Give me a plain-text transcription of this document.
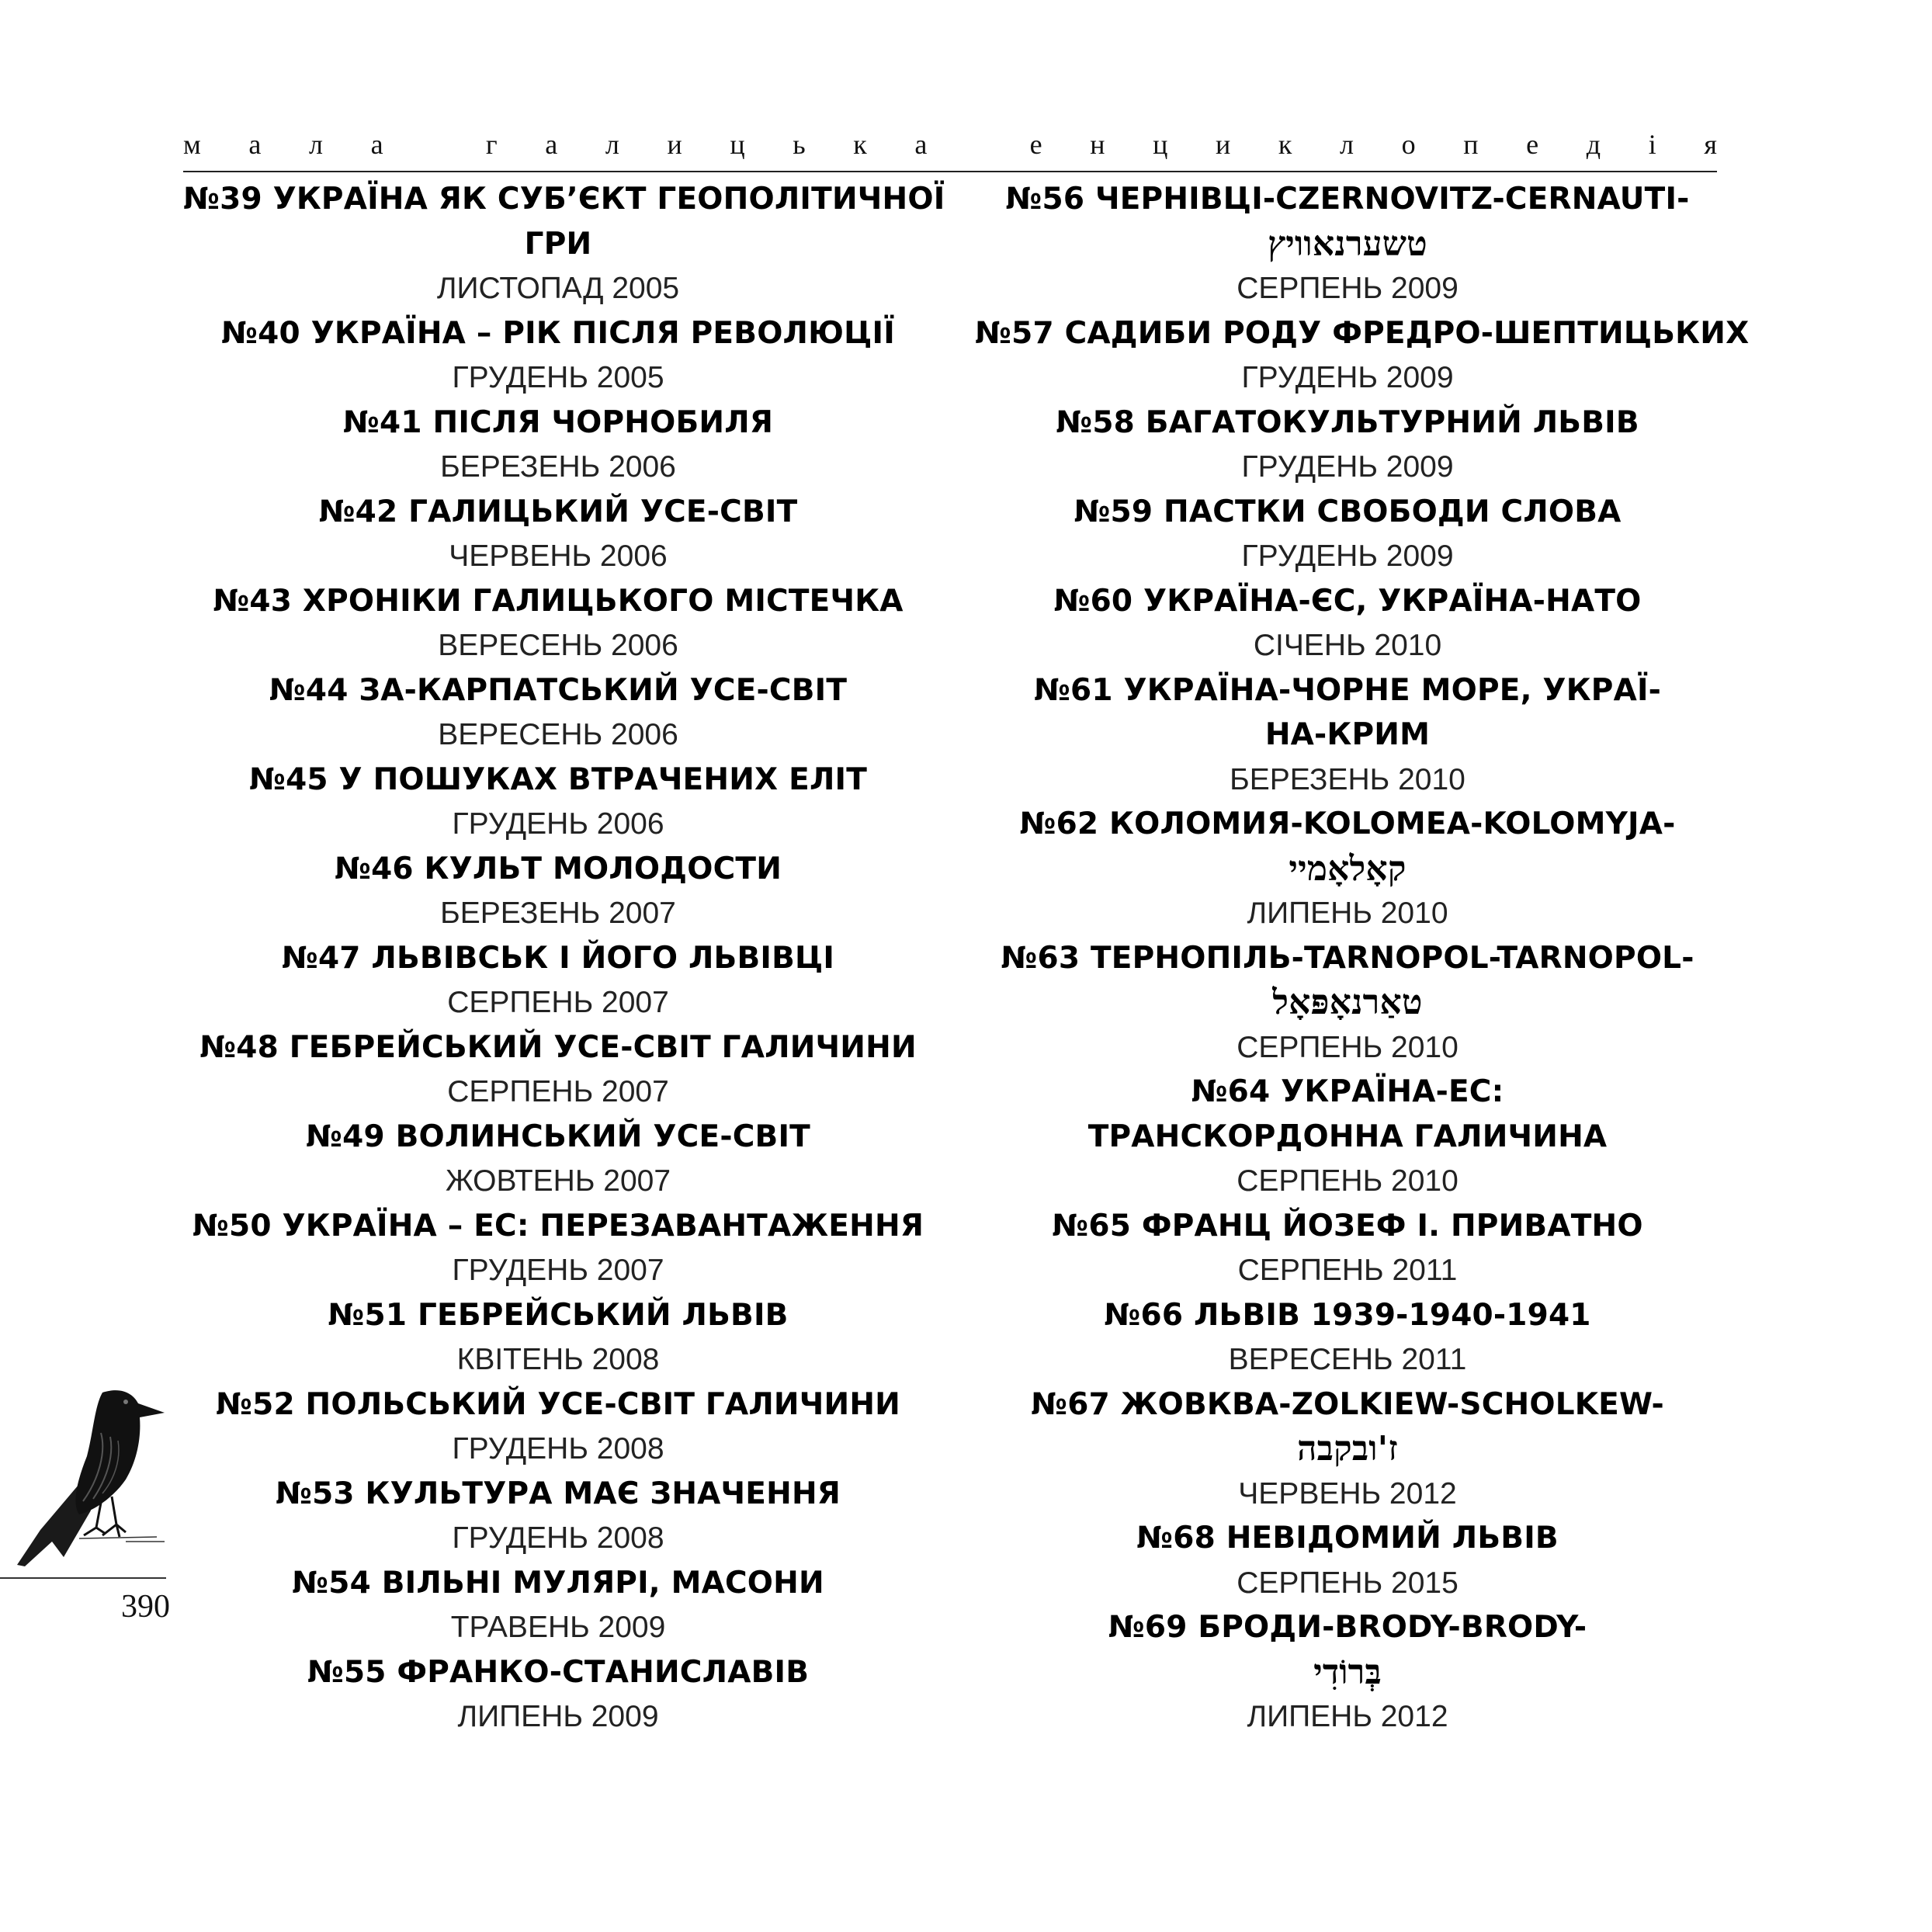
м а л а
	г а л и ц ь к а
	е н ц и к л о п е д і я
№39 УКРАЇНА ЯК СУБ’ЄКТ ГЕОПОЛІТИЧНОЇ
ГРИ
ЛИСТОПАД 2005
№40 УКРАЇНА – РІК ПІСЛЯ РЕВОЛЮЦІЇ
ГРУДЕНЬ 2005
№41 ПІСЛЯ ЧОРНОБИЛЯ
БЕРЕЗЕНЬ 2006
№42 ГАЛИЦЬКИЙ УСЕ-СВІТ
ЧЕРВЕНЬ 2006
№43 ХРОНІКИ ГАЛИЦЬКОГО МІСТЕЧКА
ВЕРЕСЕНЬ 2006
№44 ЗА-КАРПАТСЬКИЙ УСЕ-СВІТ
ВЕРЕСЕНЬ 2006
№45 У ПОШУКАХ ВТРАЧЕНИХ ЕЛІТ
ГРУДЕНЬ 2006
№46 КУЛЬТ МОЛОДОСТИ
БЕРЕЗЕНЬ 2007
№47 ЛЬВІВСЬК І ЙОГО ЛЬВІВЦІ
СЕРПЕНЬ 2007
№48 ГЕБРЕЙСЬКИЙ УСЕ-СВІТ ГАЛИЧИНИ
СЕРПЕНЬ 2007
№49 ВОЛИНСЬКИЙ УСЕ-СВІТ
ЖОВТЕНЬ 2007
№50 УКРАЇНА – ЕС: ПЕРЕЗАВАНТАЖЕННЯ
ГРУДЕНЬ 2007
№51 ГЕБРЕЙСЬКИЙ ЛЬВІВ
КВІТЕНЬ 2008
№52 ПОЛЬСЬКИЙ УСЕ-СВІТ ГАЛИЧИНИ
ГРУДЕНЬ 2008
№53 КУЛЬТУРА МАЄ ЗНАЧЕННЯ
ГРУДЕНЬ 2008
№54 ВІЛЬНІ МУЛЯРІ, МАСОНИ
ТРАВЕНЬ 2009
№55 ФРАНКО-СТАНИСЛАВІВ
ЛИПЕНЬ 2009
№56 ЧЕРНІВЦІ-CZERNOVITZ-CERNAUTI-
טשערנאוויץ
СЕРПЕНЬ 2009
№57 САДИБИ РОДУ ФРЕДРО-ШЕПТИЦЬКИХ
ГРУДЕНЬ 2009
№58 БАГАТОКУЛЬТУРНИЙ ЛЬВІВ
ГРУДЕНЬ 2009
№59 ПАСТКИ СВОБОДИ СЛОВА
ГРУДЕНЬ 2009
№60 УКРАЇНА-ЄС, УКРАЇНА-НАТО
СІЧЕНЬ 2010
№61 УКРАЇНА-ЧОРНЕ МОРЕ, УКРАЇ-
НА-КРИМ
БЕРЕЗЕНЬ 2010
№62 КОЛОМИЯ-KOLOMEA-KOLOMYJA-
קאָלאָמיי
ЛИПЕНЬ 2010
№63 ТЕРНОПІЛЬ-TARNOPOL-TARNOPOL-
טאַרנאָפּאָל
СЕРПЕНЬ 2010
№64 УКРАЇНА-ЕС:
ТРАНСКОРДОННА ГАЛИЧИНА
СЕРПЕНЬ 2010
№65 ФРАНЦ ЙОЗЕФ І. ПРИВАТНО
СЕРПЕНЬ 2011
№66 ЛЬВІВ 1939-1940-1941
ВЕРЕСЕНЬ 2011
№67 ЖОВКВА-ZOLKIEW-SCHOLKEW-
ז'ובקבה
ЧЕРВЕНЬ 2012
№68 НЕВІДОМИЙ ЛЬВІВ
СЕРПЕНЬ 2015
№69 БРОДИ-BRODY-BRODY-
בְּרוֹדִי
ЛИПЕНЬ 2012
390
